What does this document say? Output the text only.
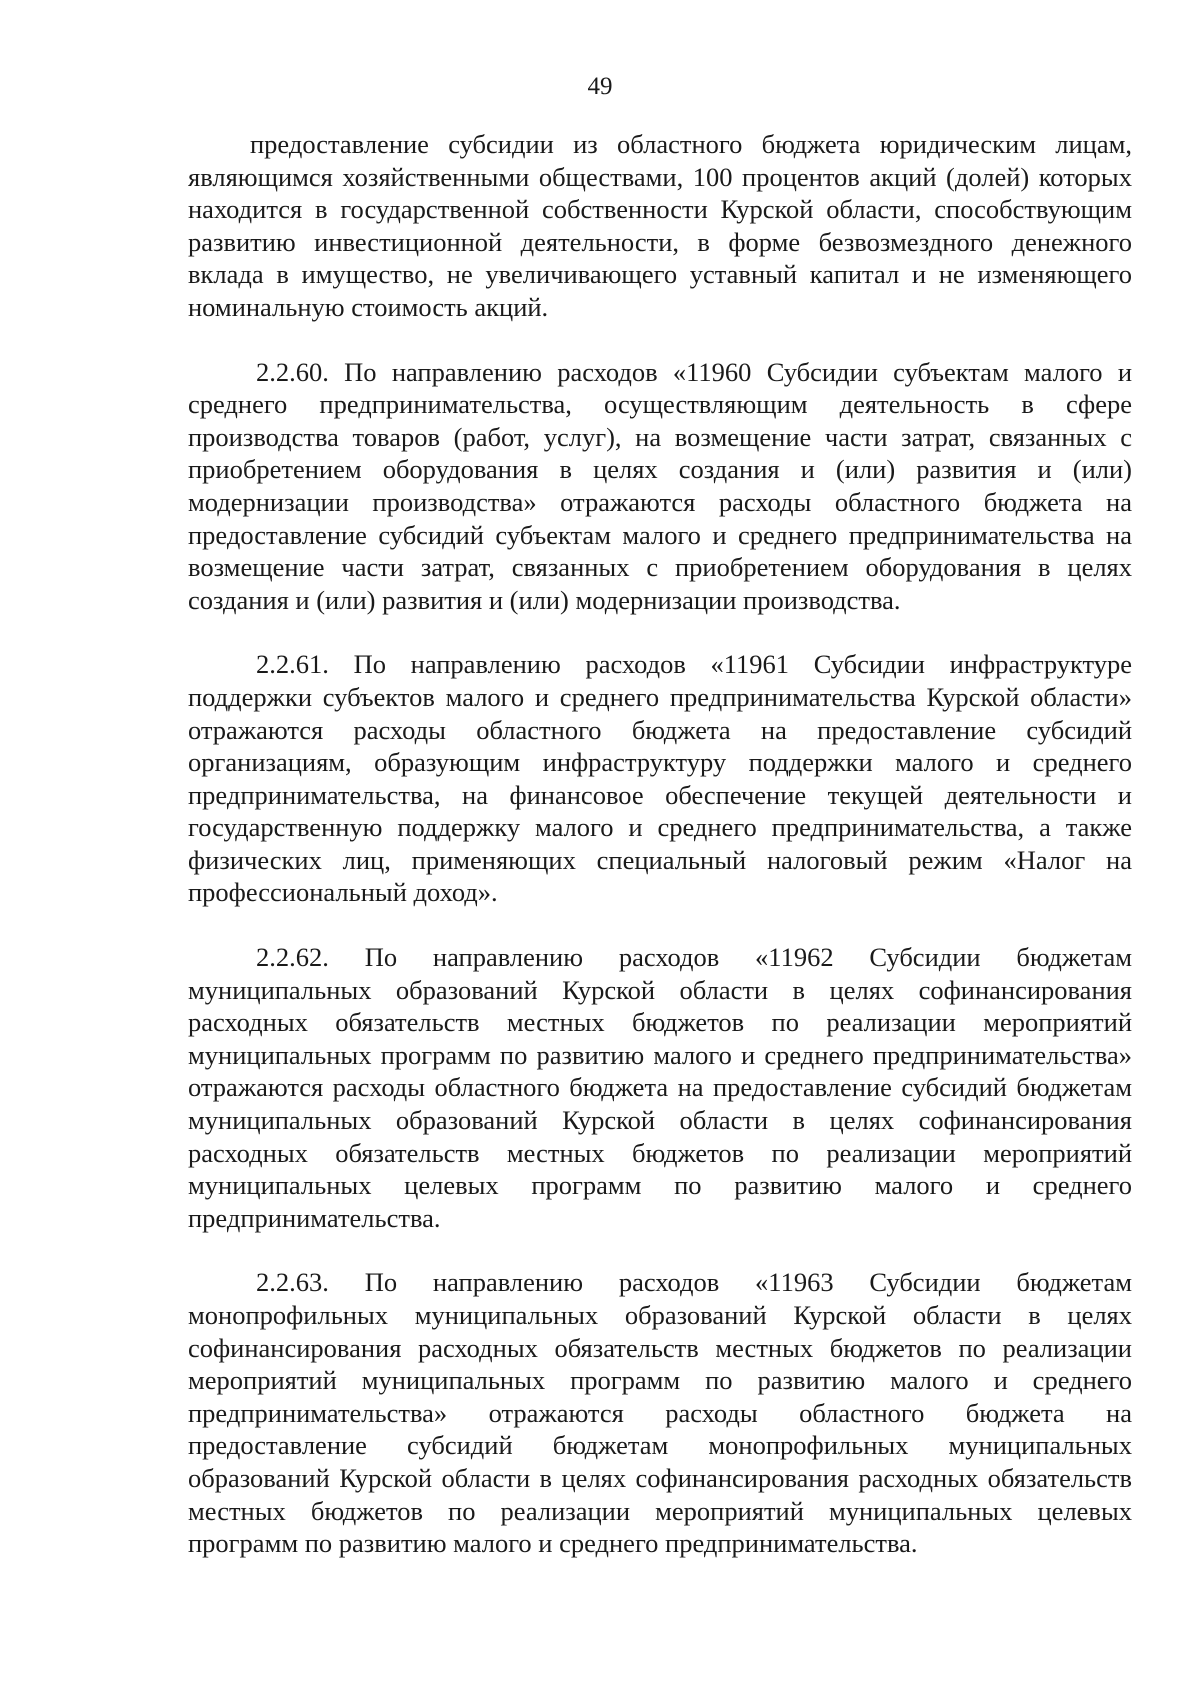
49

предоставление субсидии из областного бюджета юридическим лицам, являющимся хозяйственными обществами, 100 процентов акций (долей) которых находится в государственной собственности Курской области, способствующим развитию инвестиционной деятельности, в форме безвозмездного денежного вклада в имущество, не увеличивающего уставный капитал и не изменяющего номинальную стоимость акций.

2.2.60. По направлению расходов «11960 Субсидии субъектам малого и среднего предпринимательства, осуществляющим деятельность в сфере производства товаров (работ, услуг), на возмещение части затрат, связанных с приобретением оборудования в целях создания и (или) развития и (или) модернизации производства» отражаются расходы областного бюджета на предоставление субсидий субъектам малого и среднего предпринимательства на возмещение части затрат, связанных с приобретением оборудования в целях создания и (или) развития и (или) модернизации производства.

2.2.61. По направлению расходов «11961 Субсидии инфраструктуре поддержки субъектов малого и среднего предпринимательства Курской области» отражаются расходы областного бюджета на предоставление субсидий организациям, образующим инфраструктуру поддержки малого и среднего предпринимательства, на финансовое обеспечение текущей деятельности и государственную поддержку малого и среднего предпринимательства, а также физических лиц, применяющих специальный налоговый режим «Налог на профессиональный доход».

2.2.62. По направлению расходов «11962 Субсидии бюджетам муниципальных образований Курской области в целях софинансирования расходных обязательств местных бюджетов по реализации мероприятий муниципальных программ по развитию малого и среднего предпринимательства» отражаются расходы областного бюджета на предоставление субсидий бюджетам муниципальных образований Курской области в целях софинансирования расходных обязательств местных бюджетов по реализации мероприятий муниципальных целевых программ по развитию малого и среднего предпринимательства.

2.2.63. По направлению расходов «11963 Субсидии бюджетам монопрофильных муниципальных образований Курской области в целях софинансирования расходных обязательств местных бюджетов по реализации мероприятий муниципальных программ по развитию малого и среднего предпринимательства» отражаются расходы областного бюджета на предоставление субсидий бюджетам монопрофильных муниципальных образований Курской области в целях софинансирования расходных обязательств местных бюджетов по реализации мероприятий муниципальных целевых программ по развитию малого и среднего предпринимательства.
